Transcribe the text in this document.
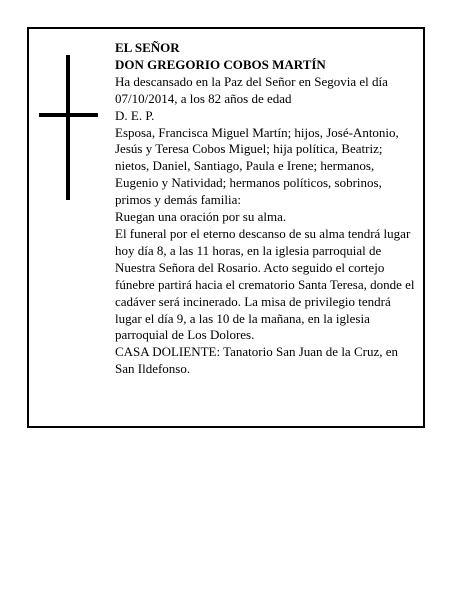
EL SEÑOR

DON GREGORIO COBOS MARTÍN

Ha descansado en la Paz del Señor en Segovia el día

07/10/2014, a los 82 años de edad

D. E. P.

Esposa, Francisca Miguel Martín; hijos, José-Antonio, Jesús y Teresa Cobos Miguel; hija política, Beatriz; nietos, Daniel, Santiago, Paula e Irene; hermanos, Eugenio y Natividad; hermanos políticos, sobrinos, primos y demás familia:

Ruegan una oración por su alma.

El funeral por el eterno descanso de su alma tendrá lugar hoy día 8, a las 11 horas, en la iglesia parroquial de Nuestra Señora del Rosario. Acto seguido el cortejo fúnebre partirá hacia el crematorio Santa Teresa, donde el cadáver será incinerado. La misa de privilegio tendrá lugar el día 9, a las 10 de la mañana, en la iglesia parroquial de Los Dolores.

CASA DOLIENTE: Tanatorio San Juan de la Cruz, en San Ildefonso.
